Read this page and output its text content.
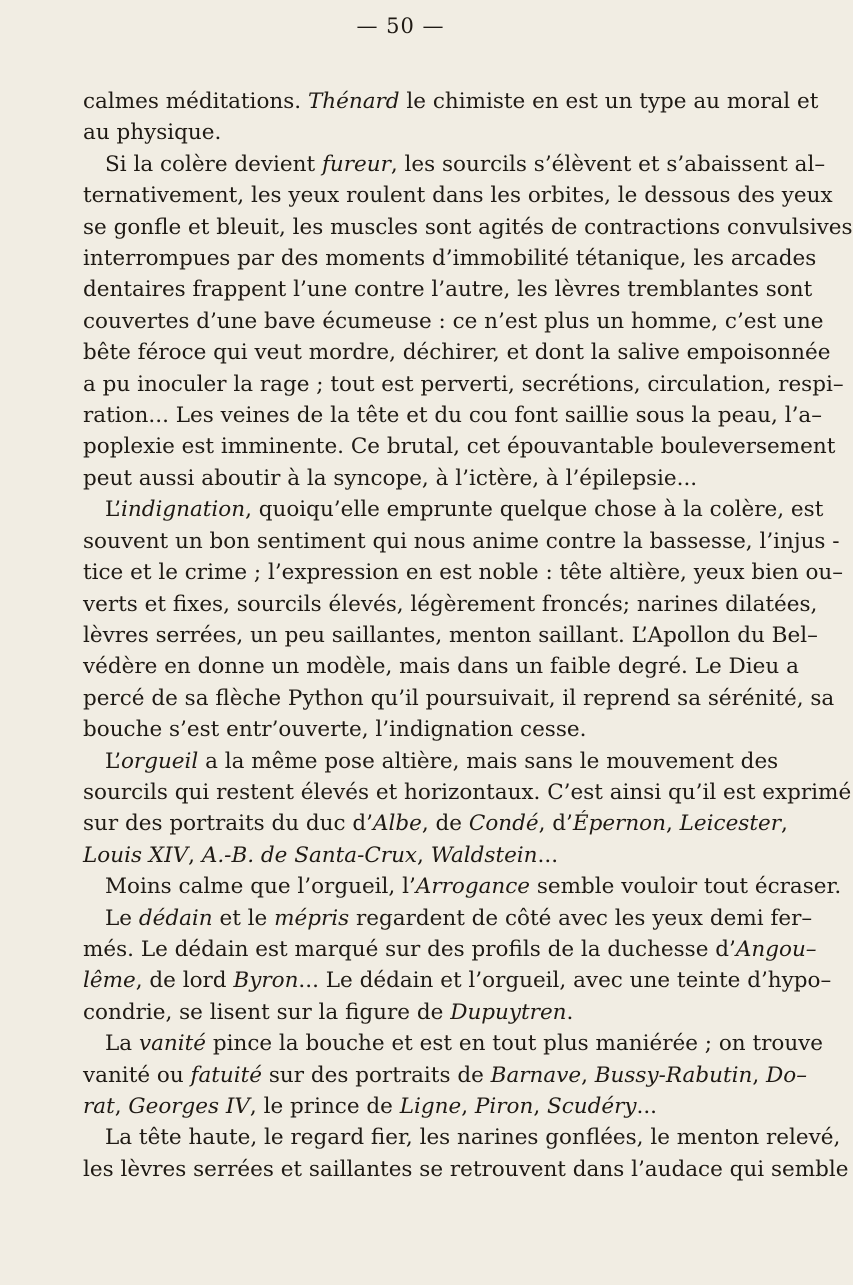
— 50 —
calmes méditations. Thénard le chimiste en est un type au moral et
au physique.
Si la colère devient fureur, les sourcils s’élèvent et s’abaissent al–
ternativement, les yeux roulent dans les orbites, le dessous des yeux
se gonfle et bleuit, les muscles sont agités de contractions convulsives
interrompues par des moments d’immobilité tétanique, les arcades
dentaires frappent l’une contre l’autre, les lèvres tremblantes sont
couvertes d’une bave écumeuse : ce n’est plus un homme, c’est une
bête féroce qui veut mordre, déchirer, et dont la salive empoisonnée
a pu inoculer la rage ; tout est perverti, secrétions, circulation, respi–
ration... Les veines de la tête et du cou font saillie sous la peau, l’a–
poplexie est imminente. Ce brutal, cet épouvantable bouleversement
peut aussi aboutir à la syncope, à l’ictère, à l’épilepsie...
L’indignation, quoiqu’elle emprunte quelque chose à la colère, est
souvent un bon sentiment qui nous anime contre la bassesse, l’injus -
tice et le crime ; l’expression en est noble : tête altière, yeux bien ou–
verts et fixes, sourcils élevés, légèrement froncés; narines dilatées,
lèvres serrées, un peu saillantes, menton saillant. L’Apollon du Bel–
védère en donne un modèle, mais dans un faible degré. Le Dieu a
percé de sa flèche Python qu’il poursuivait, il reprend sa sérénité, sa
bouche s’est entr’ouverte, l’indignation cesse.
L’orgueil a la même pose altière, mais sans le mouvement des
sourcils qui restent élevés et horizontaux. C’est ainsi qu’il est exprimé
sur des portraits du duc d’Albe, de Condé, d’Épernon, Leicester,
Louis XIV, A.-B. de Santa-Crux, Waldstein...
Moins calme que l’orgueil, l’Arrogance semble vouloir tout écraser.
Le dédain et le mépris regardent de côté avec les yeux demi fer–
més. Le dédain est marqué sur des profils de la duchesse d’Angou–
lême, de lord Byron... Le dédain et l’orgueil, avec une teinte d’hypo–
condrie, se lisent sur la figure de Dupuytren.
La vanité pince la bouche et est en tout plus maniérée ; on trouve
vanité ou fatuité sur des portraits de Barnave, Bussy-Rabutin, Do–
rat, Georges IV, le prince de Ligne, Piron, Scudéry...
La tête haute, le regard fier, les narines gonflées, le menton relevé,
les lèvres serrées et saillantes se retrouvent dans l’audace qui semble
